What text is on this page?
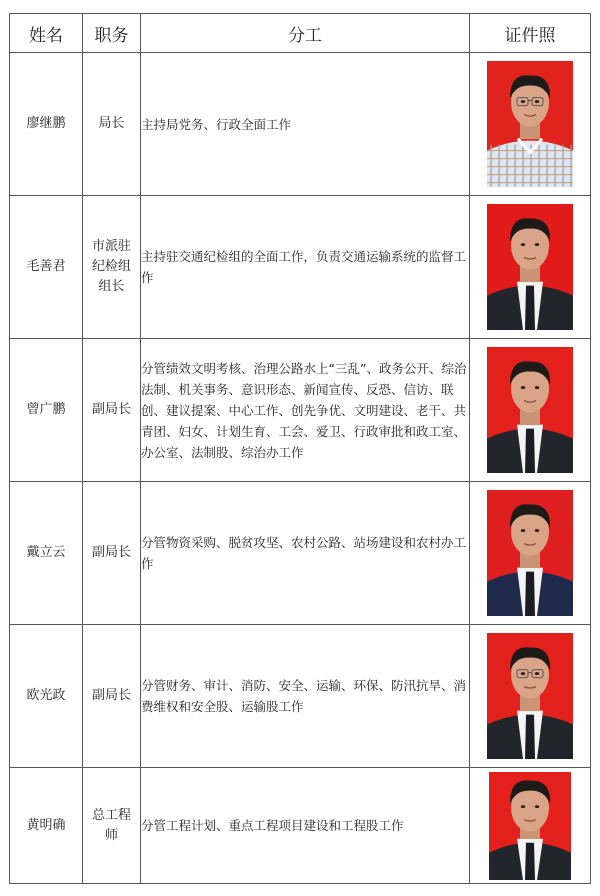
姓名	职务	分工	证件照
廖继鹏	局长	主持局党务、行政全面工作	

毛善君	市派驻纪检组组长	主持驻交通纪检组的全面工作，负责交通运输系统的监督工作	

曾广鹏	副局长	分管绩效文明考核、治理公路水上“三乱”、政务公开、综治法制、机关事务、意识形态、新闻宣传、反恐、信访、联创、建议提案、中心工作、创先争优、文明建设、老干、共青团、妇女、计划生育、工会、爱卫、行政审批和政工室、办公室、法制股、综治办工作	

戴立云	副局长	分管物资采购、脱贫攻坚、农村公路、站场建设和农村办工作	

欧光政	副局长	分管财务、审计、消防、安全、运输、环保、防汛抗旱、消费维权和安全股、运输股工作	

黄明确	总工程师	分管工程计划、重点工程项目建设和工程股工作	
